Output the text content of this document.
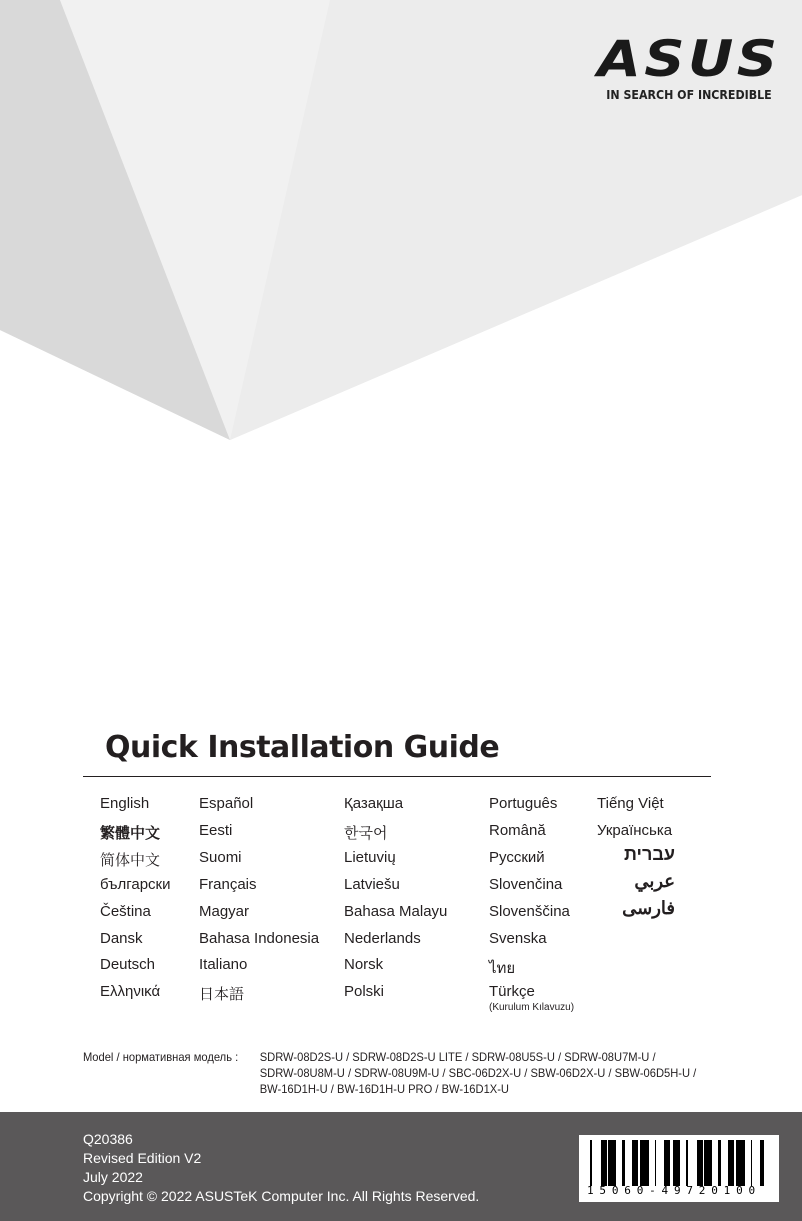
ASUS
IN SEARCH OF INCREDIBLE
Quick Installation Guide
English
繁體中文
简体中文
български
Čeština
Dansk
Deutsch
Ελληνικά
Español
Eesti
Suomi
Français
Magyar
Bahasa Indonesia
Italiano
日本語
Қазақша
한국어
Lietuvių
Latviešu
Bahasa Malayu
Nederlands
Norsk
Polski
Português
Română
Русский
Slovenčina
Slovenščina
Svenska
ไทย
Türkçe
Tiếng Việt
Українська
עברית
عربي
فارسی
(Kurulum Kılavuzu)
Model / нормативная модель : SDRW-08D2S-U / SDRW-08D2S-U LITE / SDRW-08U5S-U / SDRW-08U7M-U /
SDRW-08U8M-U / SDRW-08U9M-U / SBC-06D2X-U / SBW-06D2X-U / SBW-06D5H-U /
BW-16D1H-U / BW-16D1H-U PRO / BW-16D1X-U
Q20386
Revised Edition V2
July 2022
Copyright © 2022 ASUSTeK Computer Inc. All Rights Reserved.	15060-49720100
